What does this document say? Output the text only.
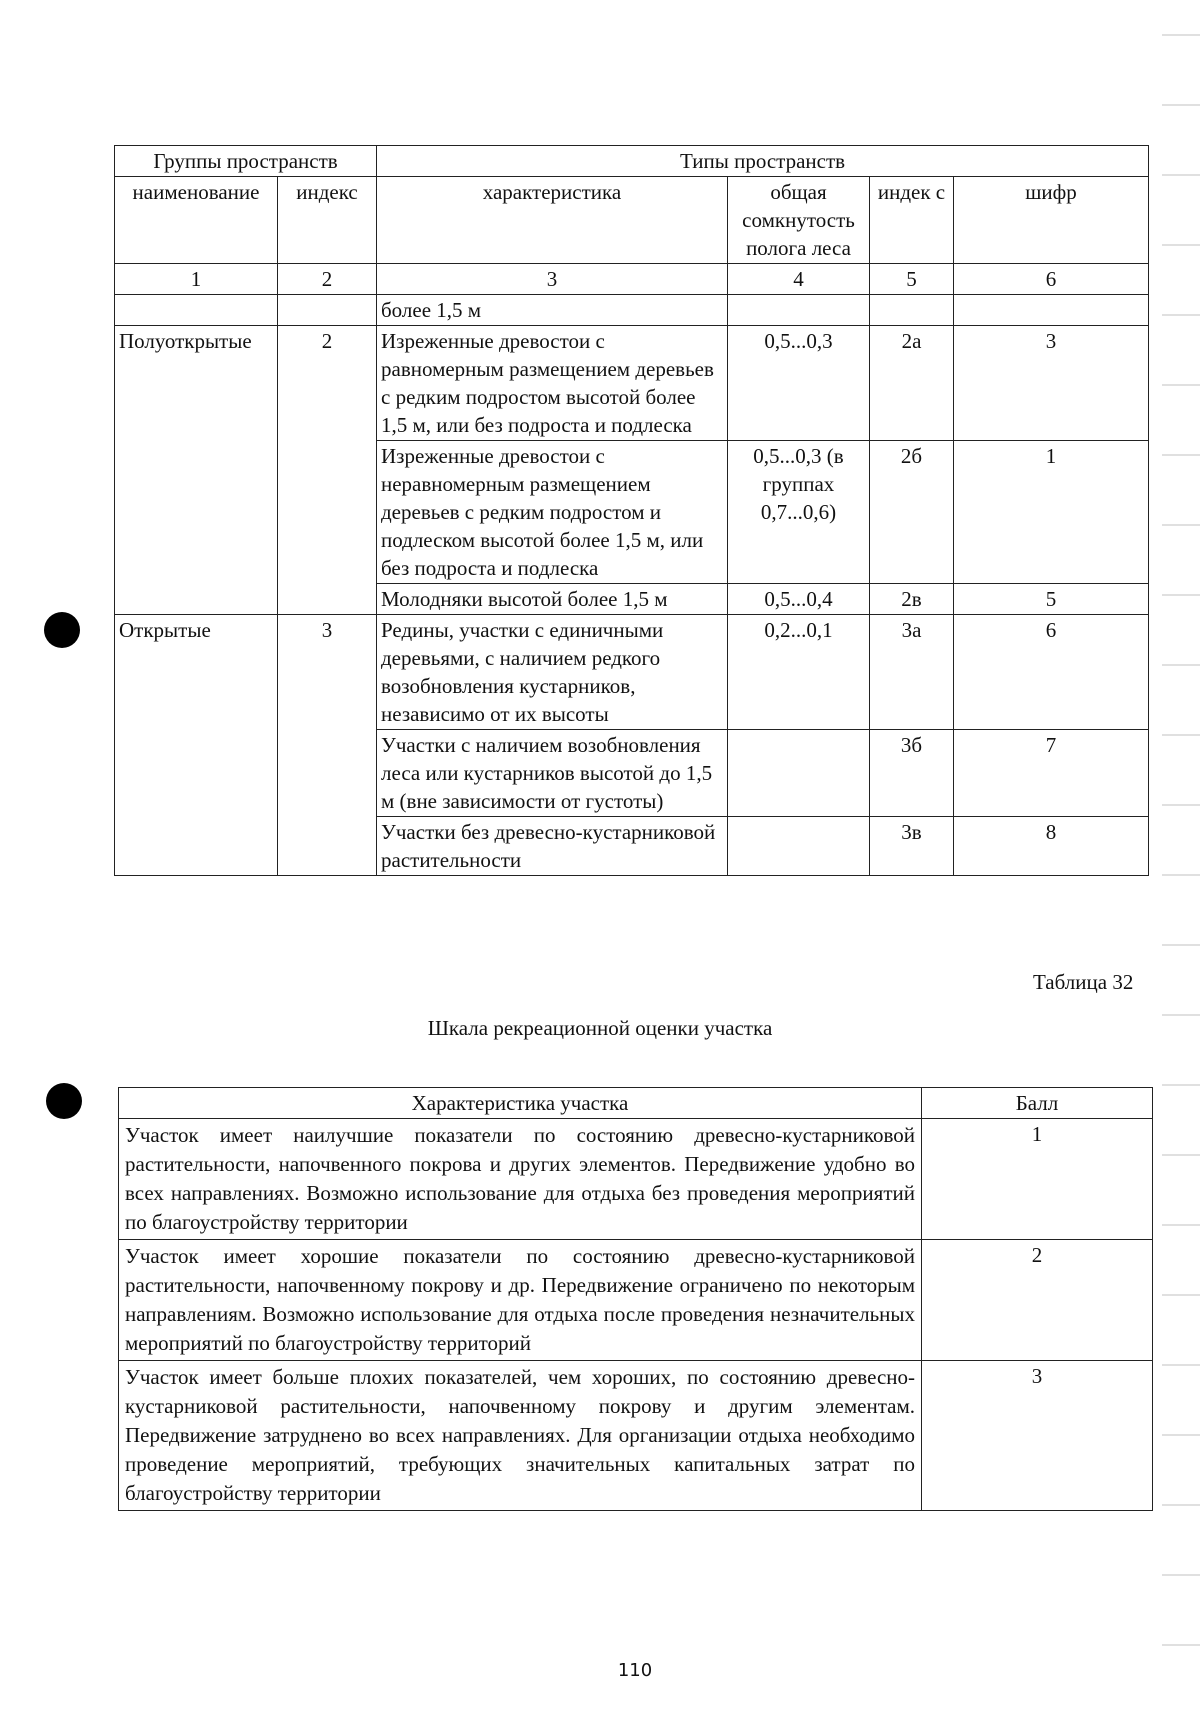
Группы пространств		Типы пространств			
наименование	индекс	характеристика	общая сомкнутость полога леса	индек с	шифр
1	2	3	4	5	6
		более 1,5 м			
Полуоткрытые	2	Изреженные древостои с равномерным размещением деревьев с редким подростом высотой более 1,5 м, или без подроста и подлеска	0,5...0,3	2а	3
		Изреженные древостои с неравномерным размещением деревьев с редким подростом и подлеском высотой более 1,5 м, или без подроста и подлеска	0,5...0,3 (в группах 0,7...0,6)	2б	1
		Молодняки высотой более 1,5 м	0,5...0,4	2в	5
Открытые	3	Редины, участки с единичными деревьями, с наличием редкого возобновления кустарников, независимо от их высоты	0,2...0,1	3а	6
		Участки с наличием возобновления леса или кустарников высотой до 1,5 м (вне зависимости от густоты)		3б	7
		Участки без древесно-кустарниковой растительности		3в	8
Таблица 32
Шкала рекреационной оценки участка
Характеристика участка	Балл
Участок имеет наилучшие показатели по состоянию древесно-кустарниковой растительности, напочвенного покрова и других элементов. Передвижение удобно во всех направлениях. Возможно использование для отдыха без проведения мероприятий по благоустройству территории	1
Участок имеет хорошие показатели по состоянию древесно-кустарниковой растительности, напочвенному покрову и др. Передвижение ограничено по некоторым направлениям. Возможно использование для отдыха после проведения незначительных мероприятий по благоустройству территорий	2
Участок имеет больше плохих показателей, чем хороших, по состоянию древесно-кустарниковой растительности, напочвенному покрову и другим элементам. Передвижение затруднено во всех направлениях. Для организации отдыха необходимо проведение мероприятий, требующих значительных капитальных затрат по благоустройству территории	3
110
